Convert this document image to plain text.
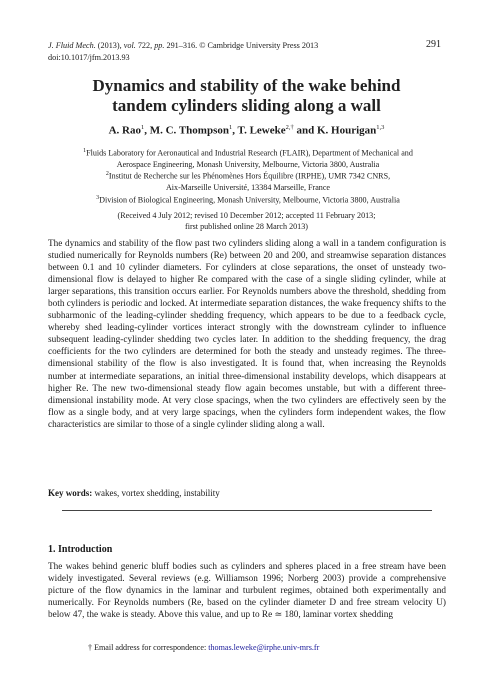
J. Fluid Mech. (2013), vol. 722, pp. 291–316. © Cambridge University Press 2013
doi:10.1017/jfm.2013.93
291
Dynamics and stability of the wake behind
tandem cylinders sliding along a wall
A. Rao$^1$, M. C. Thompson$^1$, T. Leweke$^{2,\dagger}$ and K. Hourigan$^{1,3}$
$^1$Fluids Laboratory for Aeronautical and Industrial Research (FLAIR), Department of Mechanical and
Aerospace Engineering, Monash University, Melbourne, Victoria 3800, Australia
$^2$Institut de Recherche sur les Phénomènes Hors Équilibre (IRPHE), UMR 7342 CNRS,
Aix-Marseille Université, 13384 Marseille, France
$^3$Division of Biological Engineering, Monash University, Melbourne, Victoria 3800, Australia
(Received 4 July 2012; revised 10 December 2012; accepted 11 February 2013;
first published online 28 March 2013)
The dynamics and stability of the flow past two cylinders sliding along a wall in a tandem configuration is studied numerically for Reynolds numbers (Re) between 20 and 200, and streamwise separation distances between 0.1 and 10 cylinder diameters. For cylinders at close separations, the onset of unsteady two-dimensional flow is delayed to higher Re compared with the case of a single sliding cylinder, while at larger separations, this transition occurs earlier. For Reynolds numbers above the threshold, shedding from both cylinders is periodic and locked. At intermediate separation distances, the wake frequency shifts to the subharmonic of the leading-cylinder shedding frequency, which appears to be due to a feedback cycle, whereby shed leading-cylinder vortices interact strongly with the downstream cylinder to influence subsequent leading-cylinder shedding two cycles later. In addition to the shedding frequency, the drag coefficients for the two cylinders are determined for both the steady and unsteady regimes. The three-dimensional stability of the flow is also investigated. It is found that, when increasing the Reynolds number at intermediate separations, an initial three-dimensional instability develops, which disappears at higher Re. The new two-dimensional steady flow again becomes unstable, but with a different three-dimensional instability mode. At very close spacings, when the two cylinders are effectively seen by the flow as a single body, and at very large spacings, when the cylinders form independent wakes, the flow characteristics are similar to those of a single cylinder sliding along a wall.
Key words: wakes, vortex shedding, instability
1. Introduction
The wakes behind generic bluff bodies such as cylinders and spheres placed in a free stream have been widely investigated. Several reviews (e.g. Williamson 1996; Norberg 2003) provide a comprehensive picture of the flow dynamics in the laminar and turbulent regimes, obtained both experimentally and numerically. For Reynolds numbers (Re, based on the cylinder diameter D and free stream velocity U) below 47, the wake is steady. Above this value, and up to Re ≃ 180, laminar vortex shedding
† Email address for correspondence: thomas.leweke@irphe.univ-mrs.fr
